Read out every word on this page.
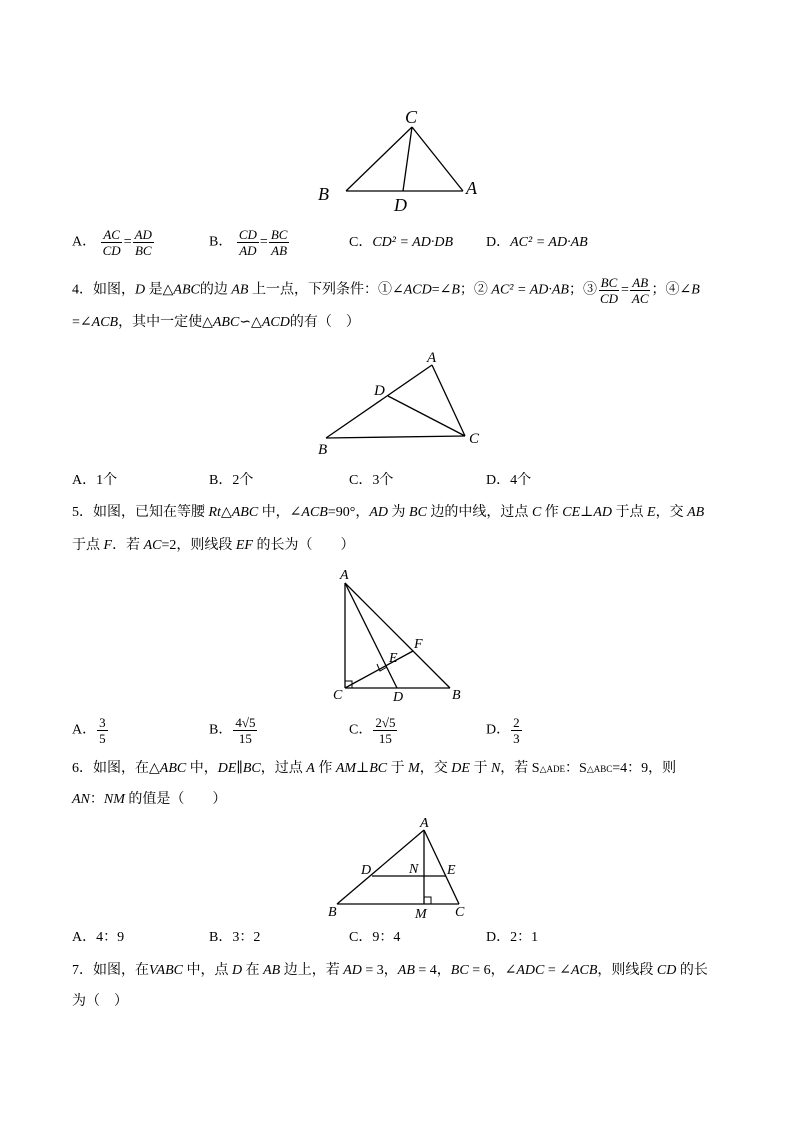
C
B
D
A
A． $\frac{AC}{CD} = \frac{AD}{BC}$	B． $\frac{CD}{AD} = \frac{BC}{AB}$	C．CD² = AD·DB D．AC² = AD·AB
4．如图，D 是△ABC的边 AB 上一点，下列条件：①∠ACD=∠B；② AC² = AD·AB；③ $\frac{BC}{CD} = \frac{AB}{AC}$ ；④∠B
=∠ACB，其中一定使△ABC∽△ACD的有（　）
A
D
B
C
A．1个	B．2个	C．3个	D．4个
5．如图，已知在等腰 Rt△ABC 中，∠ACB=90°，AD 为 BC 边的中线，过点 C 作 CE⊥AD 于点 E，交 AB
于点 F．若 AC=2，则线段 EF 的长为（　　）
A
F
E
C	D	B
A． $\frac{3}{5}$	B． $\frac{4√5}{15}$	C． $\frac{2√5}{15}$	D． $\frac{2}{3}$
6．如图，在△ABC 中，DE∥BC，过点 A 作 AM⊥BC 于 M，交 DE 于 N，若 S△ADE：S△ABC=4：9，则
AN：NM 的值是（　　）
A
D	N E
B	M C
A．4：9	B．3：2	C．9：4	D．2：1
7．如图，在VABC 中，点 D 在 AB 边上，若 AD = 3，AB = 4，BC = 6，∠ADC = ∠ACB，则线段 CD 的长
为（　）
